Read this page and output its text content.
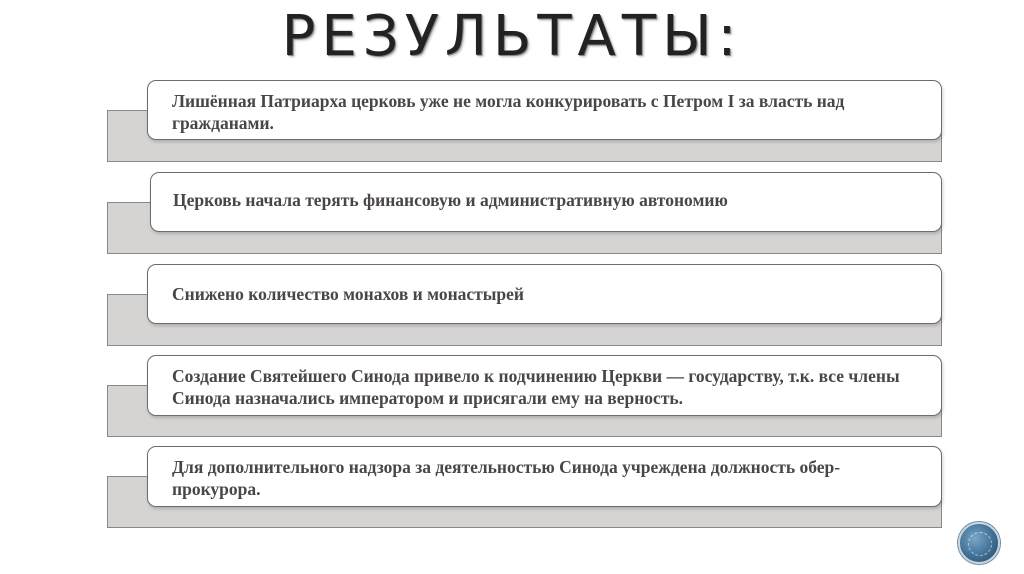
РЕЗУЛЬТАТЫ:
Лишённая Патриарха церковь уже не могла конкурировать с Петром I за власть над гражданами.
Церковь начала терять финансовую и административную автономию
Снижено количество монахов и монастырей
Создание Святейшего Синода привело к подчинению Церкви — государству, т.к. все члены Синода назначались императором и присягали ему на верность.
Для дополнительного надзора за деятельностью Синода учреждена должность обер-прокурора.
